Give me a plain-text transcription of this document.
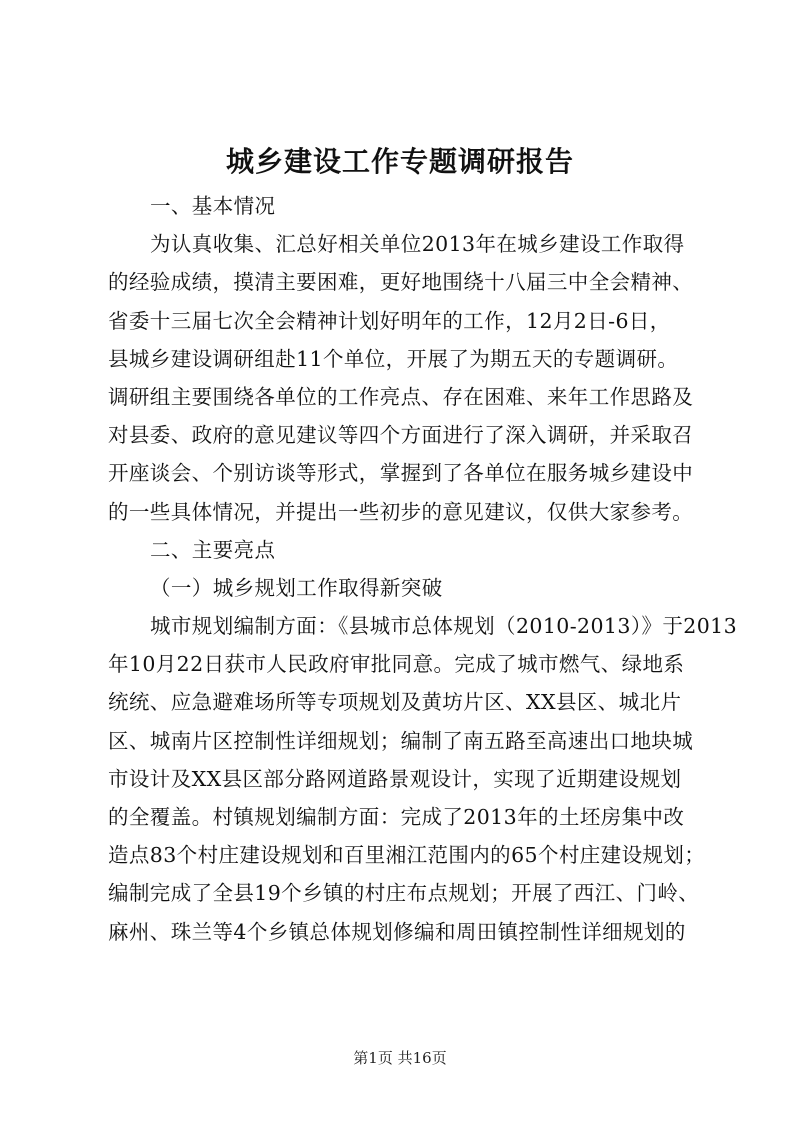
城乡建设工作专题调研报告
一、基本情况
为认真收集、汇总好相关单位2013年在城乡建设工作取得
的经验成绩，摸清主要困难，更好地围绕十八届三中全会精神、
省委十三届七次全会精神计划好明年的工作，12月2日-6日，
县城乡建设调研组赴11个单位，开展了为期五天的专题调研。
调研组主要围绕各单位的工作亮点、存在困难、来年工作思路及
对县委、政府的意见建议等四个方面进行了深入调研，并采取召
开座谈会、个别访谈等形式，掌握到了各单位在服务城乡建设中
的一些具体情况，并提出一些初步的意见建议，仅供大家参考。
二、主要亮点
（一）城乡规划工作取得新突破
城市规划编制方面：《县城市总体规划（2010-2013）》于2013
年10月22日获市人民政府审批同意。完成了城市燃气、绿地系
统统、应急避难场所等专项规划及黄坊片区、XX县区、城北片
区、城南片区控制性详细规划；编制了南五路至高速出口地块城
市设计及XX县区部分路网道路景观设计，实现了近期建设规划
的全覆盖。村镇规划编制方面：完成了2013年的土坯房集中改
造点83个村庄建设规划和百里湘江范围内的65个村庄建设规划；
编制完成了全县19个乡镇的村庄布点规划；开展了西江、门岭、
麻州、珠兰等4个乡镇总体规划修编和周田镇控制性详细规划的
第1页 共16页
